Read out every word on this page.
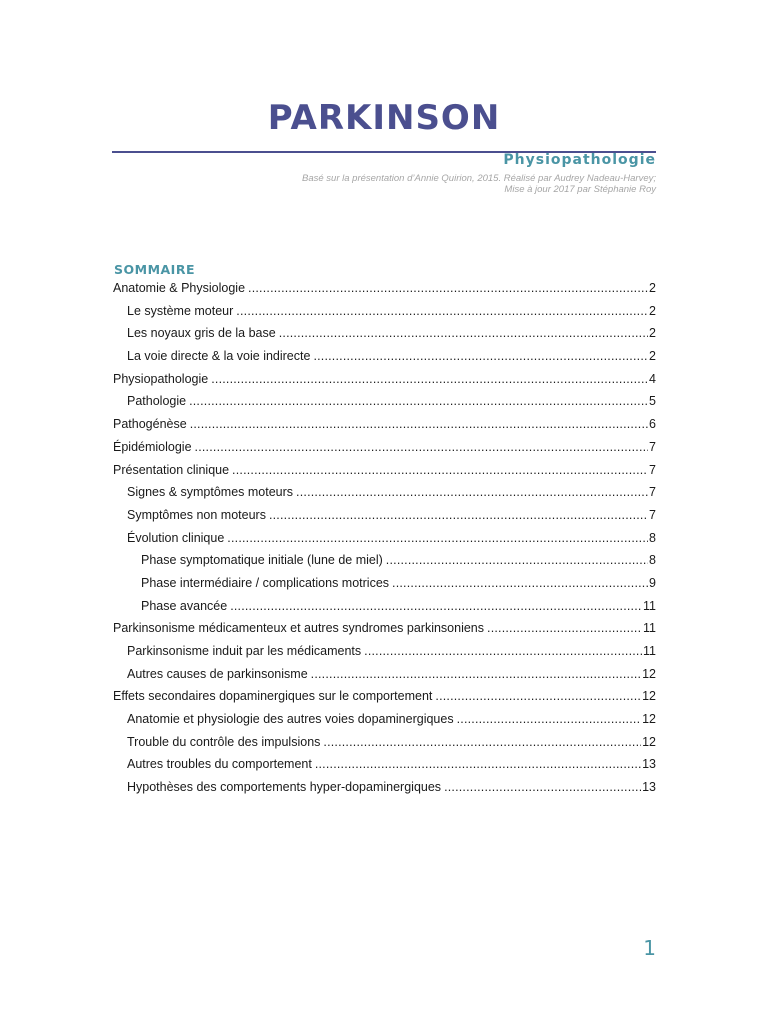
PARKINSON
Physiopathologie
Basé sur la présentation d’Annie Quirion, 2015. Réalisé par Audrey Nadeau-Harvey;
Mise à jour 2017 par Stéphanie Roy
SOMMAIRE
Anatomie & Physiologie .....	2
Le système moteur .....	2
Les noyaux gris de la base .....	2
La voie directe & la voie indirecte .....	2
Physiopathologie .....	4
Pathologie .....	5
Pathogénèse .....	6
Épidémiologie .....	7
Présentation clinique .....	7
Signes & symptômes moteurs .....	7
Symptômes non moteurs .....	7
Évolution clinique .....	8
Phase symptomatique initiale (lune de miel) .....	8
Phase intermédiaire / complications motrices .....	9
Phase avancée .....	11
Parkinsonisme médicamenteux et autres syndromes parkinsoniens .....	11
Parkinsonisme induit par les médicaments .....	11
Autres causes de parkinsonisme .....	12
Effets secondaires dopaminergiques sur le comportement .....	12
Anatomie et physiologie des autres voies dopaminergiques .....	12
Trouble du contrôle des impulsions .....	12
Autres troubles du comportement .....	13
Hypothèses des comportements hyper-dopaminergiques .....	13

1
